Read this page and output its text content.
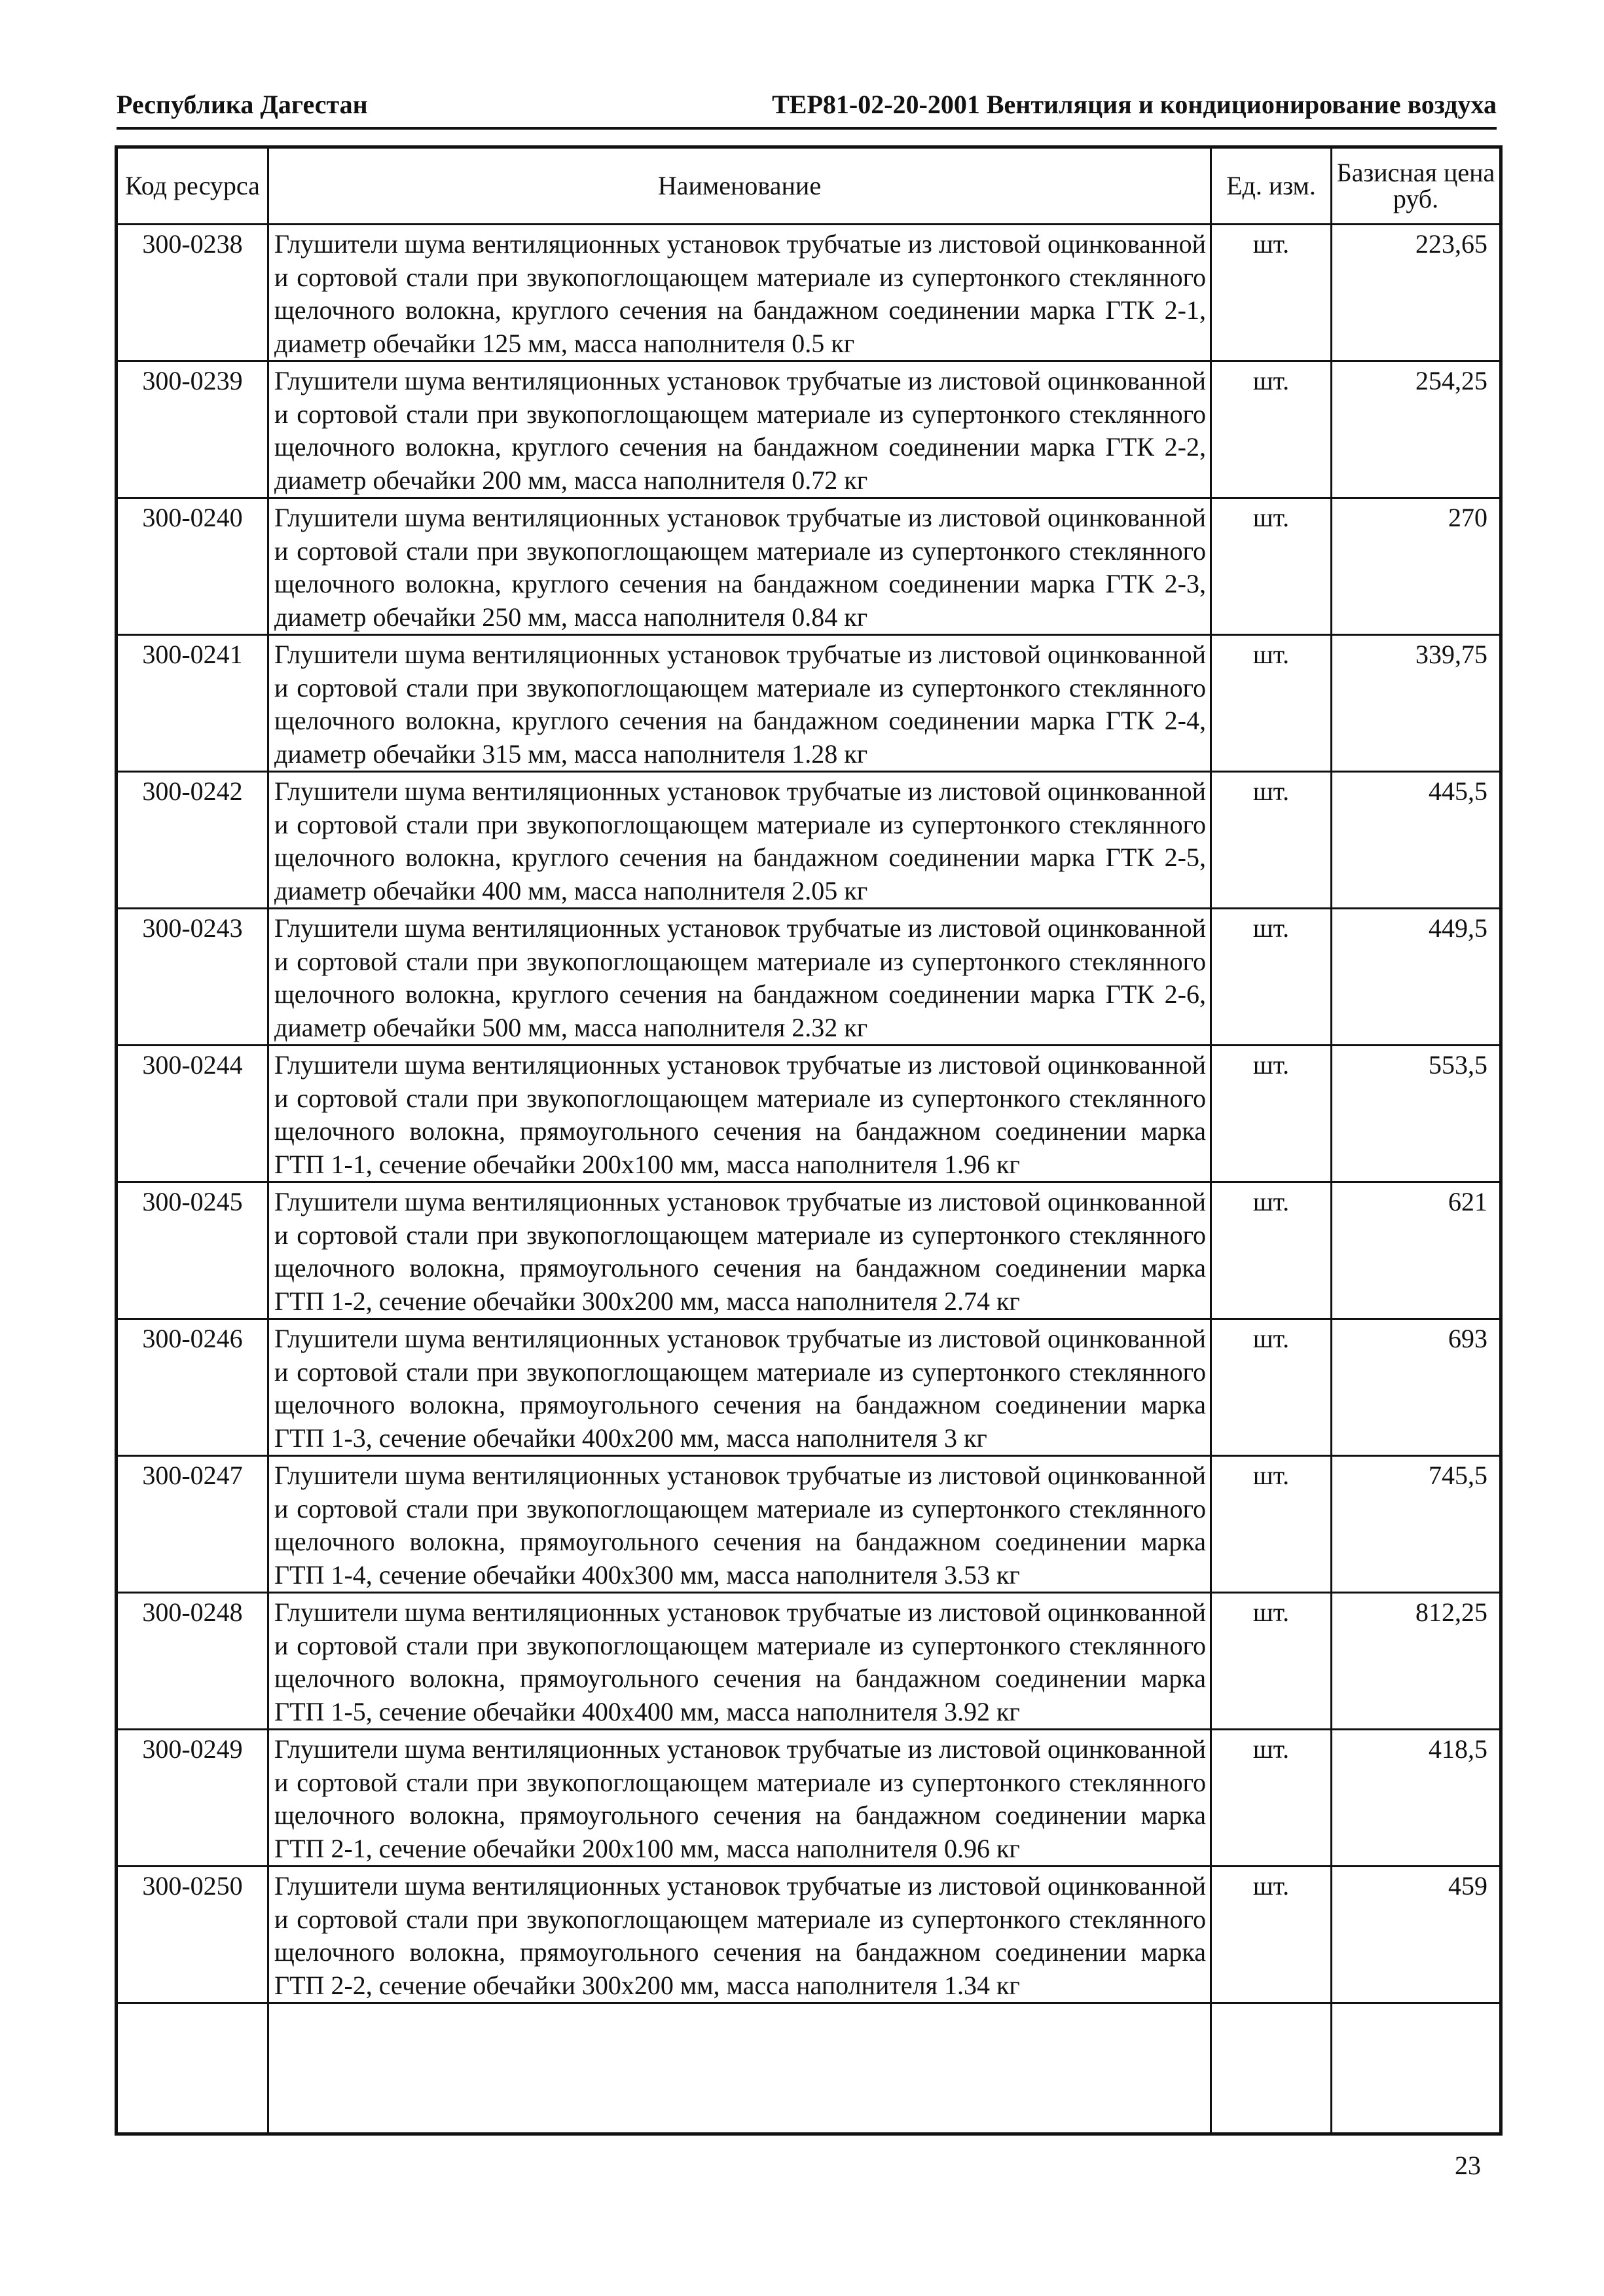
Республика Дагестан	ТЕР81-02-20-2001 Вентиляция и кондиционирование воздуха
Код ресурса	Наименование	Ед. изм.	Базисная цена руб.
300-0238	Глушители шума вентиляционных установок трубчатые из листовой оцинкованной и сортовой стали при звукопоглощающем материале из супертонкого стеклянного щелочного волокна, круглого сечения на бандажном соединении марка ГТК 2-1, диаметр обечайки 125 мм, масса наполнителя 0.5 кг	шт.	223,65
300-0239	Глушители шума вентиляционных установок трубчатые из листовой оцинкованной и сортовой стали при звукопоглощающем материале из супертонкого стеклянного щелочного волокна, круглого сечения на бандажном соединении марка ГТК 2-2, диаметр обечайки 200 мм, масса наполнителя 0.72 кг	шт.	254,25
300-0240	Глушители шума вентиляционных установок трубчатые из листовой оцинкованной и сортовой стали при звукопоглощающем материале из супертонкого стеклянного щелочного волокна, круглого сечения на бандажном соединении марка ГТК 2-3, диаметр обечайки 250 мм, масса наполнителя 0.84 кг	шт.	270
300-0241	Глушители шума вентиляционных установок трубчатые из листовой оцинкованной и сортовой стали при звукопоглощающем материале из супертонкого стеклянного щелочного волокна, круглого сечения на бандажном соединении марка ГТК 2-4, диаметр обечайки 315 мм, масса наполнителя 1.28 кг	шт.	339,75
300-0242	Глушители шума вентиляционных установок трубчатые из листовой оцинкованной и сортовой стали при звукопоглощающем материале из супертонкого стеклянного щелочного волокна, круглого сечения на бандажном соединении марка ГТК 2-5, диаметр обечайки 400 мм, масса наполнителя 2.05 кг	шт.	445,5
300-0243	Глушители шума вентиляционных установок трубчатые из листовой оцинкованной и сортовой стали при звукопоглощающем материале из супертонкого стеклянного щелочного волокна, круглого сечения на бандажном соединении марка ГТК 2-6, диаметр обечайки 500 мм, масса наполнителя 2.32 кг	шт.	449,5
300-0244	Глушители шума вентиляционных установок трубчатые из листовой оцинкованной и сортовой стали при звукопоглощающем материале из супертонкого стеклянного щелочного волокна, прямоугольного сечения на бандажном соединении марка ГТП 1-1, сечение обечайки 200x100 мм, масса наполнителя 1.96 кг	шт.	553,5
300-0245	Глушители шума вентиляционных установок трубчатые из листовой оцинкованной и сортовой стали при звукопоглощающем материале из супертонкого стеклянного щелочного волокна, прямоугольного сечения на бандажном соединении марка ГТП 1-2, сечение обечайки 300x200 мм, масса наполнителя 2.74 кг	шт.	621
300-0246	Глушители шума вентиляционных установок трубчатые из листовой оцинкованной и сортовой стали при звукопоглощающем материале из супертонкого стеклянного щелочного волокна, прямоугольного сечения на бандажном соединении марка ГТП 1-3, сечение обечайки 400x200 мм, масса наполнителя 3 кг	шт.	693
300-0247	Глушители шума вентиляционных установок трубчатые из листовой оцинкованной и сортовой стали при звукопоглощающем материале из супертонкого стеклянного щелочного волокна, прямоугольного сечения на бандажном соединении марка ГТП 1-4, сечение обечайки 400x300 мм, масса наполнителя 3.53 кг	шт.	745,5
300-0248	Глушители шума вентиляционных установок трубчатые из листовой оцинкованной и сортовой стали при звукопоглощающем материале из супертонкого стеклянного щелочного волокна, прямоугольного сечения на бандажном соединении марка ГТП 1-5, сечение обечайки 400x400 мм, масса наполнителя 3.92 кг	шт.	812,25
300-0249	Глушители шума вентиляционных установок трубчатые из листовой оцинкованной и сортовой стали при звукопоглощающем материале из супертонкого стеклянного щелочного волокна, прямоугольного сечения на бандажном соединении марка ГТП 2-1, сечение обечайки 200x100 мм, масса наполнителя 0.96 кг	шт.	418,5
300-0250	Глушители шума вентиляционных установок трубчатые из листовой оцинкованной и сортовой стали при звукопоглощающем материале из супертонкого стеклянного щелочного волокна, прямоугольного сечения на бандажном соединении марка ГТП 2-2, сечение обечайки 300x200 мм, масса наполнителя 1.34 кг	шт.	459

23
